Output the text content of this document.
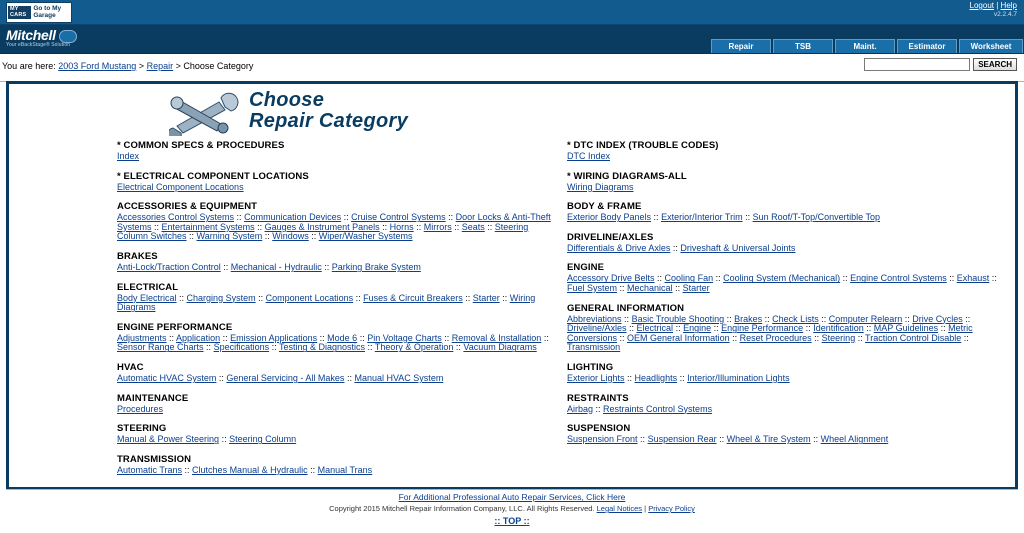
MY CARS
Go to My Garage
Logout | Help
v2.2.4.7
Mitchell
Your eBackStage® Solution	Repair	TSB	Maint.	Estimator	Worksheet
You are here: 2003 Ford Mustang > Repair > Choose Category	SEARCH
Choose
Repair Category
* COMMON SPECS & PROCEDURES
Index
* ELECTRICAL COMPONENT LOCATIONS
Electrical Component Locations
ACCESSORIES & EQUIPMENT
Accessories Control Systems :: Communication Devices :: Cruise Control Systems :: Door Locks & Anti-Theft Systems :: Entertainment Systems :: Gauges & Instrument Panels :: Horns :: Mirrors :: Seats :: Steering Column Switches :: Warning System :: Windows :: Wiper/Washer Systems
BRAKES
Anti-Lock/Traction Control :: Mechanical - Hydraulic :: Parking Brake System
ELECTRICAL
Body Electrical :: Charging System :: Component Locations :: Fuses & Circuit Breakers :: Starter :: Wiring Diagrams
ENGINE PERFORMANCE
Adjustments :: Application :: Emission Applications :: Mode 6 :: Pin Voltage Charts :: Removal & Installation :: Sensor Range Charts :: Specifications :: Testing & Diagnostics :: Theory & Operation :: Vacuum Diagrams
HVAC
Automatic HVAC System :: General Servicing - All Makes :: Manual HVAC System
MAINTENANCE
Procedures
STEERING
Manual & Power Steering :: Steering Column
TRANSMISSION
Automatic Trans :: Clutches Manual & Hydraulic :: Manual Trans
* DTC INDEX (TROUBLE CODES)
DTC Index
* WIRING DIAGRAMS-ALL
Wiring Diagrams
BODY & FRAME
Exterior Body Panels :: Exterior/Interior Trim :: Sun Roof/T-Top/Convertible Top
DRIVELINE/AXLES
Differentials & Drive Axles :: Driveshaft & Universal Joints
ENGINE
Accessory Drive Belts :: Cooling Fan :: Cooling System (Mechanical) :: Engine Control Systems :: Exhaust :: Fuel System :: Mechanical :: Starter
GENERAL INFORMATION
Abbreviations :: Basic Trouble Shooting :: Brakes :: Check Lists :: Computer Relearn :: Drive Cycles :: Driveline/Axles :: Electrical :: Engine :: Engine Performance :: Identification :: MAP Guidelines :: Metric Conversions :: OEM General Information :: Reset Procedures :: Steering :: Traction Control Disable :: Transmission
LIGHTING
Exterior Lights :: Headlights :: Interior/Illumination Lights
RESTRAINTS
Airbag :: Restraints Control Systems
SUSPENSION
Suspension Front :: Suspension Rear :: Wheel & Tire System :: Wheel Alignment
For Additional Professional Auto Repair Services, Click Here
Copyright 2015 Mitchell Repair Information Company, LLC. All Rights Reserved. Legal Notices | Privacy Policy
:: TOP ::
